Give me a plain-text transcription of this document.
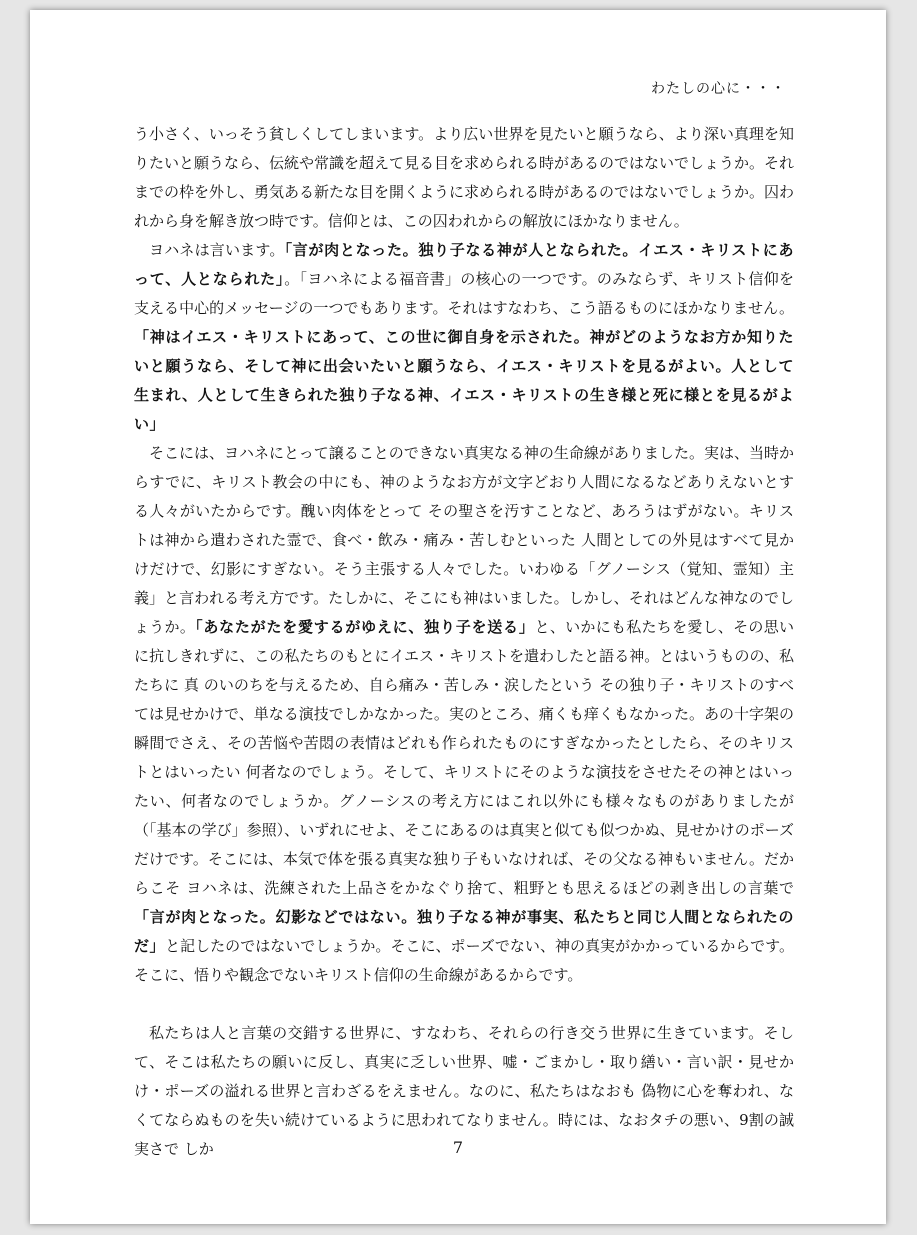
わたしの心に・・・

う小さく、いっそう貧しくしてしまいます。より広い世界を見たいと願うなら、より深い真理を知りたいと願うなら、伝統や常識を超えて見る目を求められる時があるのではないでしょうか。それまでの枠を外し、勇気ある新たな目を開くように求められる時があるのではないでしょうか。囚われから身を解き放つ時です。信仰とは、この囚われからの解放にほかなりません。

ヨハネは言います。「言が肉となった。独り子なる神が人となられた。イエス・キリストにあって、人となられた」。「ヨハネによる福音書」の核心の一つです。のみならず、キリスト信仰を支える中心的メッセージの一つでもあります。それはすなわち、こう語るものにほかなりません。「神はイエス・キリストにあって、この世に御自身を示された。神がどのようなお方か知りたいと願うなら、そして神に出会いたいと願うなら、イエス・キリストを見るがよい。人として生まれ、人として生きられた独り子なる神、イエス・キリストの生き様と死に様とを見るがよい」

そこには、ヨハネにとって譲ることのできない真実なる神の生命線がありました。実は、当時からすでに、キリスト教会の中にも、神のようなお方が文字どおり人間になるなどありえないとする人々がいたからです。醜い肉体をとって その聖さを汚すことなど、あろうはずがない。キリストは神から遣わされた霊で、食べ・飲み・痛み・苦しむといった 人間としての外見はすべて見かけだけで、幻影にすぎない。そう主張する人々でした。いわゆる「グノーシス（覚知、霊知）主義」と言われる考え方です。たしかに、そこにも神はいました。しかし、それはどんな神なのでしょうか。「あなたがたを愛するがゆえに、独り子を送る」と、いかにも私たちを愛し、その思いに抗しきれずに、この私たちのもとにイエス・キリストを遣わしたと語る神。とはいうものの、私たちに 真 のいのちを与えるため、自ら痛み・苦しみ・涙したという その独り子・キリストのすべては見せかけで、単なる演技でしかなかった。実のところ、痛くも痒くもなかった。あの十字架の瞬間でさえ、その苦悩や苦悶の表情はどれも作られたものにすぎなかったとしたら、そのキリストとはいったい 何者なのでしょう。そして、キリストにそのような演技をさせたその神とはいったい、何者なのでしょうか。グノーシスの考え方にはこれ以外にも様々なものがありましたが（「基本の学び」参照）、いずれにせよ、そこにあるのは真実と似ても似つかぬ、見せかけのポーズだけです。そこには、本気で体を張る真実な独り子もいなければ、その父なる神もいません。だからこそ ヨハネは、洗練された上品さをかなぐり捨て、粗野とも思えるほどの剥き出しの言葉で「言が肉となった。幻影などではない。独り子なる神が事実、私たちと同じ人間となられたのだ」と記したのではないでしょうか。そこに、ポーズでない、神の真実がかかっているからです。そこに、悟りや観念でないキリスト信仰の生命線があるからです。

私たちは人と言葉の交錯する世界に、すなわち、それらの行き交う世界に生きています。そして、そこは私たちの願いに反し、真実に乏しい世界、嘘・ごまかし・取り繕い・言い訳・見せかけ・ポーズの溢れる世界と言わざるをえません。なのに、私たちはなおも 偽物に心を奪われ、なくてならぬものを失い続けているように思われてなりません。時には、なおタチの悪い、9割の誠実さで しか	7
